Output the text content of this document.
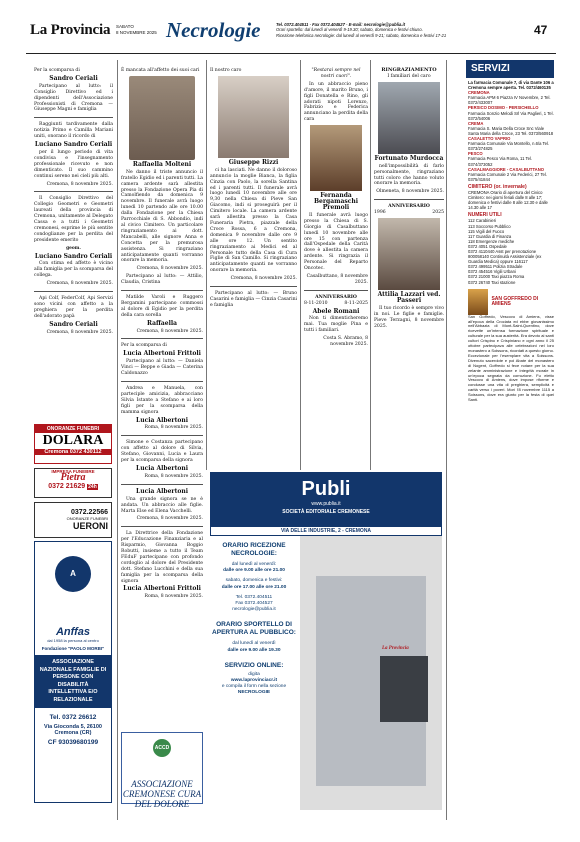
La Provincia SABATO
8 NOVEMBRE 2025 Necrologie	Tel. 0372.404511 · Fax 0372.404527 · E-mail: necrologie@publia.it
Orari sportello: dal lunedì al venerdì 9-19.30; sabato, domenica e festivi chiuso.
Ricezione telefonica necrologie: dal lunedì al venerdì 9-21; sabato, domenica e festivi 17-21	47

Per la scomparsa di

Sandro Ceriali

Partecipano al lutto: il Consiglio Direttivo ed i dipendenti dell'Associazione Professionisti di Cremona — Giuseppe Magni e famiglia

Raggiunti tardivamente dalla notizia Primo e Camilla Mariani uniti, onorano il ricordo di

Luciano Sandro Ceriali

per il lungo periodo di vita condivisa e l'insegnamento professionale ricevuto e non dimenticato. Il suo cammino continui sereno nei cieli più alti.

Cremona, 8 novembre 2025.

Il Consiglio Direttivo del Collegio Geometri e Geometri laureati della provincia di Cremona, unitamente al Delegato Cassa e a tutti i Geometri cremonesi, esprime le più sentite condoglianze per la perdita del presidente emerito

geom.

Luciano Sandro Ceriali

Con stima ed affetto è vicino alla famiglia per la scomparsa del collega.

Cremona, 8 novembre 2025.

Api Colf, FederColf, Api Servizi sono vicini con affetto a la preghiera per la perdita dell'adorato papà

Sandro Ceriali

Cremona, 8 novembre 2025.

ONORANZE FUNEBRI
DOLARA
Cremona 0372 430112
IMPRESA FUNEBRE
Pietra
0372 21629 24h
0372.22566
ONORANZE FUNEBRI
UERONI
A
Anffas
dal 1958 la persona al centro
Fondazione "PAOLO MORBI"
ASSOCIAZIONE NAZIONALE FAMIGLIE DI PERSONE CON DISABILITÀ INTELLETTIVA E/O RELAZIONALE
Tel. 0372 26612
Via Gioconda 5, 26100 Cremona (CR)
CF 93039680199

È mancata all'affetto dei suoi cari

Raffaella Molteni

Ne danno il triste annuncio il fratello Egidio ed i parenti tutti. La camera ardente sarà allestita presso la Fondazione Opera Pia di Camolfiendo da domenica 9 novembre. Il funerale avrà luogo lunedì 10 partendo alle ore 10.00 dalla Fondazione per la Chiesa Parrocchiale di S. Abbondio, indi al civico Cimitero. Un particolare ringraziamento ai dott. Mancabelli, alle signore Anna e Concetta per la premurosa assistenza. Si ringraziano anticipatamente quanti vorranno onorare la memoria.

Cremona, 8 novembre 2025.

Partecipano al lutto: — Attilio, Claudia, Cristina

Matilde Varoli e Ruggero Bergamini partecipano commossi al dolore di Egidio per la perdita della cara sorella

Raffaella

Cremona, 8 novembre 2025.

Per la scomparsa di

Lucia Albertoni Frittoli

Partecipano al lutto: — Daniela Vinci — Beppe e Giada — Caterina Caldonazzo

Andrea e Manuela, con parteciple amicizia, abbracciano Silvia Istante a Stefano e ai loro figli per la scomparsa della mamma signora

Lucia Albertoni

Roma, 8 novembre 2025.

Simone e Costanza partecipano con affetto al dolore di Silvia, Stefano, Giovanni, Lucia e Laura per la scomparsa della signora

Lucia Albertoni

Roma, 8 novembre 2025.

Lucia Albertoni

Una grande signora se ne è andata. Un abbraccio alle figlie. Marta Else ed Elena Vacchelli.

Cremona, 8 novembre 2025.

La Direttrice della Fondazione per l'Educazione Finanziaria e al Risparmio, Giovanna Boggio Robutti, insieme a tutto il Team FEduF partecipano con profondo cordoglio al dolore del Presidente dott. Stefano Lucchini e della sua famiglia per la scomparsa della signora

Lucia Albertoni Frittoli

Roma, 8 novembre 2025.

ACCD
ASSOCIAZIONE CREMONESE CURA DEL DOLORE

Il nostro caro

Giuseppe Rizzi

ci ha lasciati. Ne danno il doloroso annuncio la moglie Bianca, la figlia Cinzia con Paolo, la sorella Santina ed i parenti tutti. Il funerale avrà luogo lunedì 10 novembre alle ore 9,30 nella Chiesa di Pieve San Giacomo, indi si proseguirà per il Cimitero locale. La camera ardente sarà allestita presso la Casa Funeraria Pietra, piazzale della Croce Rossa, 6 a Cremona, domenica 9 novembre dalle ore 9 alle ore 12. Un sentito ringraziamento ai Medici ed al Personale tutto della Casa di Cura Figlie di San Camillo. Si ringraziano anticipatamente quanti ne vorranno onorare la memoria.

Cremona, 8 novembre 2025.

Partecipano al lutto: — Bruno Casarini e famiglia — Cinzia Casarini e famiglia

"Restarai sempre nel nostri cuori".

In un abbraccio pieno d'amore, il marito Bruno, i figli Donatella e Rino, gli adorati nipoti Lorenzo, Fabrizio e Federica annunciano la perdita della cara

Fernanda Bergamaschi Premoli

Il funerale avrà luogo presso la Chiesa di S. Giorgio di Casalbuttano lunedì 10 novembre alle ore 15 con partenza dall'Ospedale della Carità dove è allestita la camera ardente. Si ringrazia il Personale del Reparto Oncotec.

Casalbuttano, 8 novembre 2025.

ANNIVERSARIO
8-11-2010	8-11-2025
Abele Romani

Non ti dimenticheremo mai. Tua moglie Pina e tutti i familiari.

Costa S. Abramo, 8 novembre 2025.

RINGRAZIAMENTO

I familiari del caro

Fortunato Murdocca

nell'impossibilità di farlo personalmente, ringraziano tutti coloro che hanno voluto onorare la memoria.

Olmeneta, 8 novembre 2025.

ANNIVERSARIO
1996	2025
Attilia Lazzari ved. Passeri

Il tuo ricordo è sempre vivo in noi. Le figlie e famiglie. Pieve Terzagni, 8 novembre 2025.

Publi
www.publia.it
SOCIETÀ EDITORIALE CREMONESE
VIA DELLE INDUSTRIE, 2 - CREMONA
ORARIO RICEZIONE NECROLOGIE:
dal lunedì al venerdì:
dalle ore 9.00 alle ore 21.00
sabato, domenica e festivi:
dalle ore 17.00 alle ore 21.00
Tel. 0372.404511
Fax 0372.404527
necrologie@publia.it
ORARIO SPORTELLO DI APERTURA AL PUBBLICO:
dal lunedì al venerdì
dalle ore 9.00 alle 19.30
SERVIZIO ONLINE:
digita
www.laprovinciacr.it
e compila il form nella sezione
NECROLOGIE
La Provincia
SERVIZI
La farmacia Comunale 7, di via Dante 106 a Cremona sempre aperta. Tel. 0372/460135
CREMONA
Farmacia APM 6 Piazza IV Novembre, 2 Tel. 0372/433007
PERSICO DOSIMO - PERSICHELLO
Farmacia Sonzio Melodi Srl Via Paglieri, 1 Tel. 0372/54006
CREMA
Farmacia S. Maria Della Croce Snc Viale Santa Maria della Croce, 23 Tel. 0373/560918
CASALETTO VAPRIO
Farmacia Comunale Via Montello, n.6/a Tel. 0373/274825
PESCO
Farmacia Pesco Via Roma, 11 Tel. 0374/373052
CASALMAGGIORE - CASALBUTTANO
Farmacia Comunale 2 Via Federici, 27 Tel. 0375/41844
CIMITERO (or. invernale)
CREMONA Orario di apertura del Civico Cimitero: nei giorni feriali dalle 8 alle 17; domenica e festivi dalle 8 alle 12.30 e dalle 14.30 alle 17
NUMERI UTILI
112 Carabinieri
113 Soccorso Pubblico
115 Vigili del Fuoco
117 Guardia di Finanza
118 Emergenze mediche
0372 4051 Ospedale
0372 4110440 Asst per prenotazione
800058140 Continuità Assistenziale (ex Guardia Medica) oppure 116117
0372 499511 Polizia Stradale
0372 454516 Vigili Urbani
0372 21000 Taxi piazza Roma
0372 26740 Taxi stazione
SAN GOFFREDO DI AMIENS
San Goffredo, Vescovo di Amiens, visse all'epoca della Crociata ed ebbe giovanissimo nell'Abbazia di Mont-Saint-Quentino, dove ricevette un'intensa formazione spirituale e culturale per la sua austerità. Era devoto ai santi cultori Crispino e Crispiniano e ogni anno il 25 ottobre partecipava alle celebrazioni nel loro monastero a Soissons, ricordati a questo giorno. Eccezionale per l'esemplare vita a Soissons. Divenuto sacerdote e poi Abate del monastero di Nogent, Goffredo si fece notare per la sua zelante amministrazione e integrità morale in un'epoca segnata da corruzione. Fu eletto Vescovo di Amiens, dove impose riforme e condusse una vita di preghiera, semplicità e carità verso i poveri. Morì l'8 novembre 1115 a Soissons, dove era giunto per la festa di quei Santi.
